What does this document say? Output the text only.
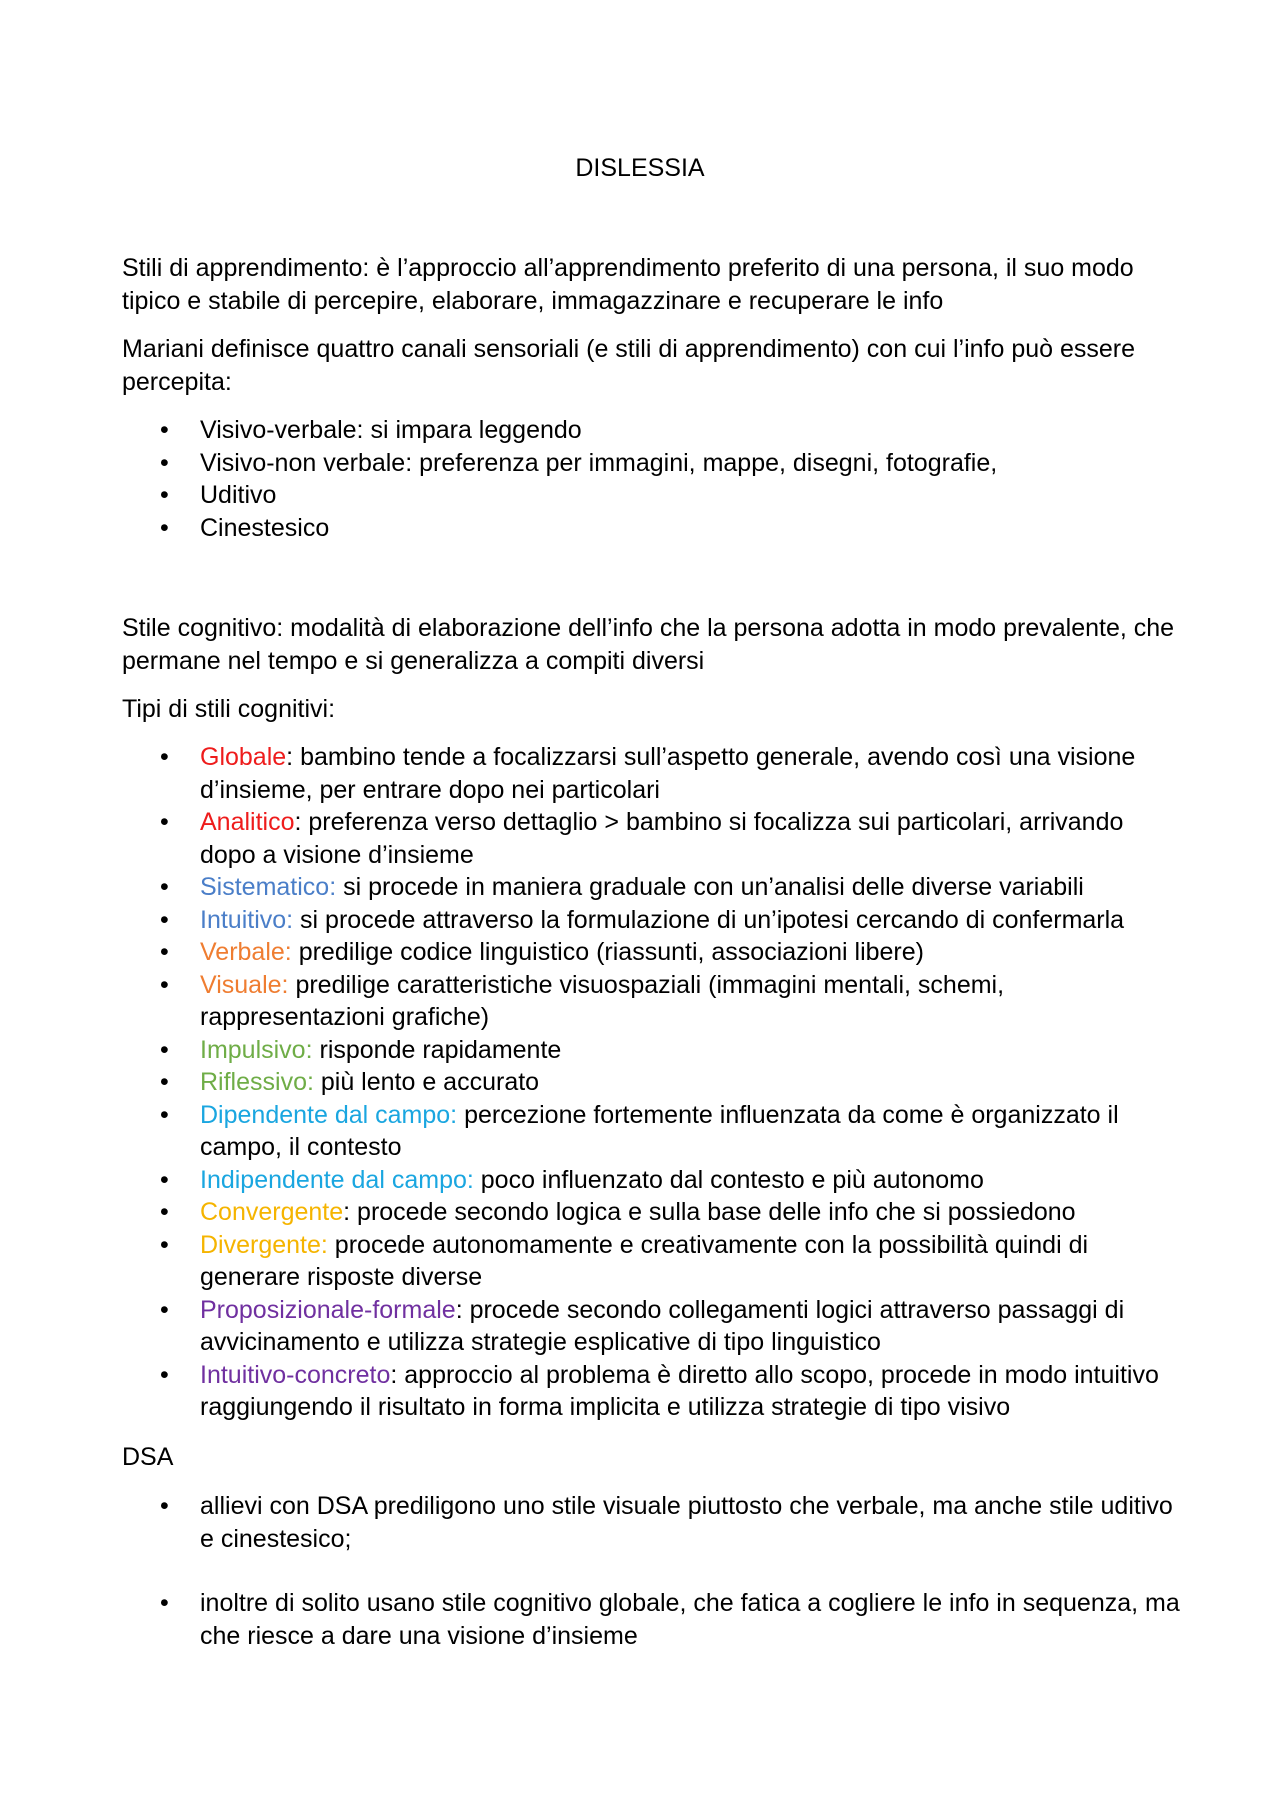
DISLESSIA

Stili di apprendimento: è l’approccio all’apprendimento preferito di una persona, il suo modo tipico e stabile di percepire, elaborare, immagazzinare e recuperare le info

Mariani definisce quattro canali sensoriali (e stili di apprendimento) con cui l’info può essere percepita:

•	Visivo-verbale: si impara leggendo
•	Visivo-non verbale: preferenza per immagini, mappe, disegni, fotografie,
•	Uditivo
•	Cinestesico

Stile cognitivo: modalità di elaborazione dell’info che la persona adotta in modo prevalente, che permane nel tempo e si generalizza a compiti diversi

Tipi di stili cognitivi:

•	Globale: bambino tende a focalizzarsi sull’aspetto generale, avendo così una visione d’insieme, per entrare dopo nei particolari
•	Analitico: preferenza verso dettaglio > bambino si focalizza sui particolari, arrivando dopo a visione d’insieme
•	Sistematico: si procede in maniera graduale con un’analisi delle diverse variabili
•	Intuitivo: si procede attraverso la formulazione di un’ipotesi cercando di confermarla
•	Verbale: predilige codice linguistico (riassunti, associazioni libere)
•	Visuale: predilige caratteristiche visuospaziali (immagini mentali, schemi, rappresentazioni grafiche)
•	Impulsivo: risponde rapidamente
•	Riflessivo: più lento e accurato
•	Dipendente dal campo: percezione fortemente influenzata da come è organizzato il campo, il contesto
•	Indipendente dal campo: poco influenzato dal contesto e più autonomo
•	Convergente: procede secondo logica e sulla base delle info che si possiedono
•	Divergente: procede autonomamente e creativamente con la possibilità quindi di generare risposte diverse
•	Proposizionale-formale: procede secondo collegamenti logici attraverso passaggi di avvicinamento e utilizza strategie esplicative di tipo linguistico
•	Intuitivo-concreto: approccio al problema è diretto allo scopo, procede in modo intuitivo raggiungendo il risultato in forma implicita e utilizza strategie di tipo visivo

DSA

•	allievi con DSA prediligono uno stile visuale piuttosto che verbale, ma anche stile uditivo e cinestesico;
•	inoltre di solito usano stile cognitivo globale, che fatica a cogliere le info in sequenza, ma che riesce a dare una visione d’insieme
